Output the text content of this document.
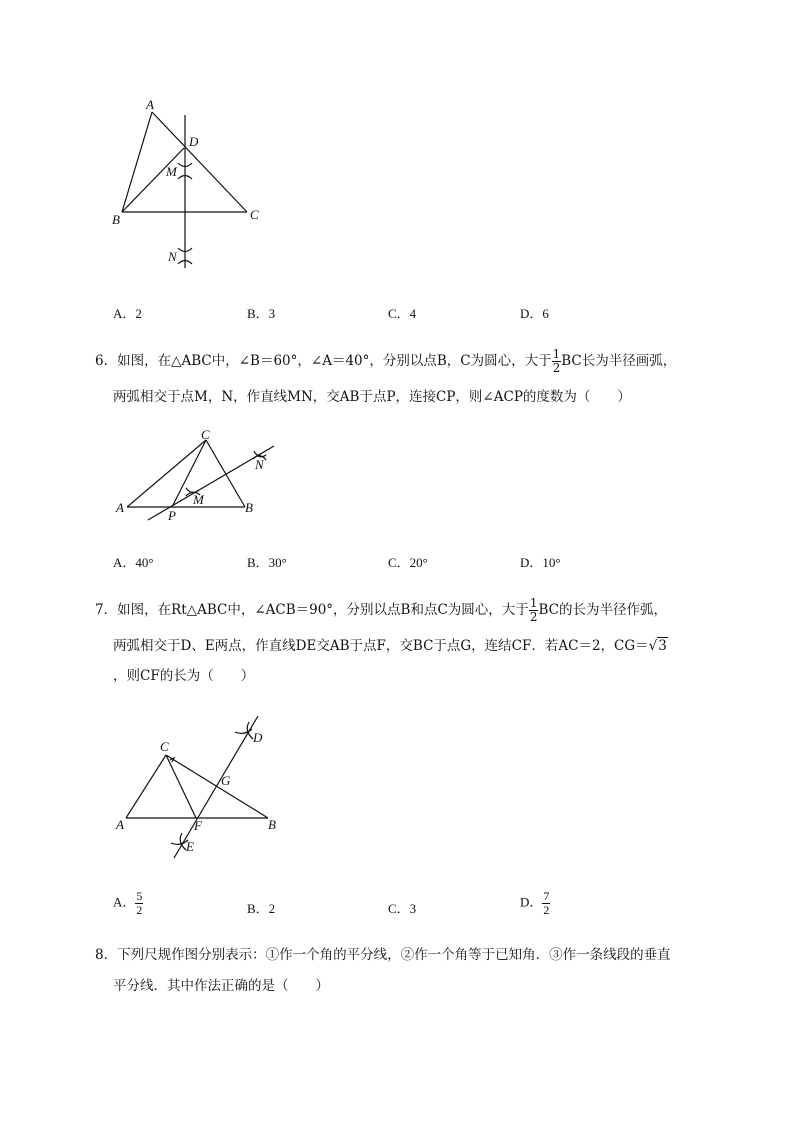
A
D
M
B	C
N
A．2	B．3	C．4	D．6
6．如图，在△ABC中，∠B＝60°，∠A＝40°，分别以点B，C为圆心，大于 $\frac{1}{2}$ BC长为半径画弧，
两弧相交于点M，N，作直线MN，交AB于点P，连接CP，则∠ACP的度数为（　　）
C
N
M
A	B
P
A．40°	B．30°	C．20°	D．10°
7．如图，在Rt△ABC中，∠ACB＝90°，分别以点B和点C为圆心，大于 $\frac{1}{2}$ BC的长为半径作弧，
两弧相交于D、E两点，作直线DE交AB于点F，交BC于点G，连结CF．若AC＝2，CG＝√3
，则CF的长为（　　）
D
C
G
A	F	B
E
A． $\frac{5}{2}$	B．2	C．3	D． $\frac{7}{2}$
8．下列尺规作图分别表示：①作一个角的平分线，②作一个角等于已知角．③作一条线段的垂直
平分线．其中作法正确的是（　　）
